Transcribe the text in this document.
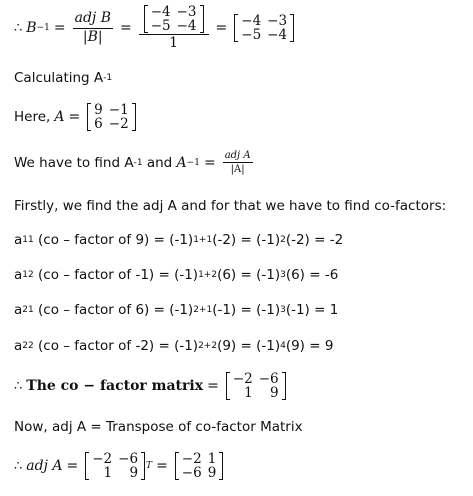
∴ $B -1 = \frac{\text{adj B}}{|B|} = -4$	−3
−5	−4
1 = −4	−3
−5	−4
Calculating A -1
Here, A = 9	−1
6	−2
We have to find A -1 and $A -1 = \frac{\text{adj A}}{|A|}$
Firstly, we find the adj A and for that we have to find co-factors:
a 11 (co – factor of 9) = (-1) 1+1 (-2) = (-1) 2 (-2) = -2
a 12 (co – factor of -1) = (-1) 1+2 (6) = (-1) 3 (6) = -6
a 21 (co – factor of 6) = (-1) 2+1 (-1) = (-1) 3 (-1) = 1
a 22 (co – factor of -2) = (-1) 2+2 (9) = (-1) 4 (9) = 9
∴ The co − factor matrix = −2	−6
1	9
Now, adj A = Transpose of co-factor Matrix
∴ adj A = −2	−6
1	9 T = −2	1
−6	9
